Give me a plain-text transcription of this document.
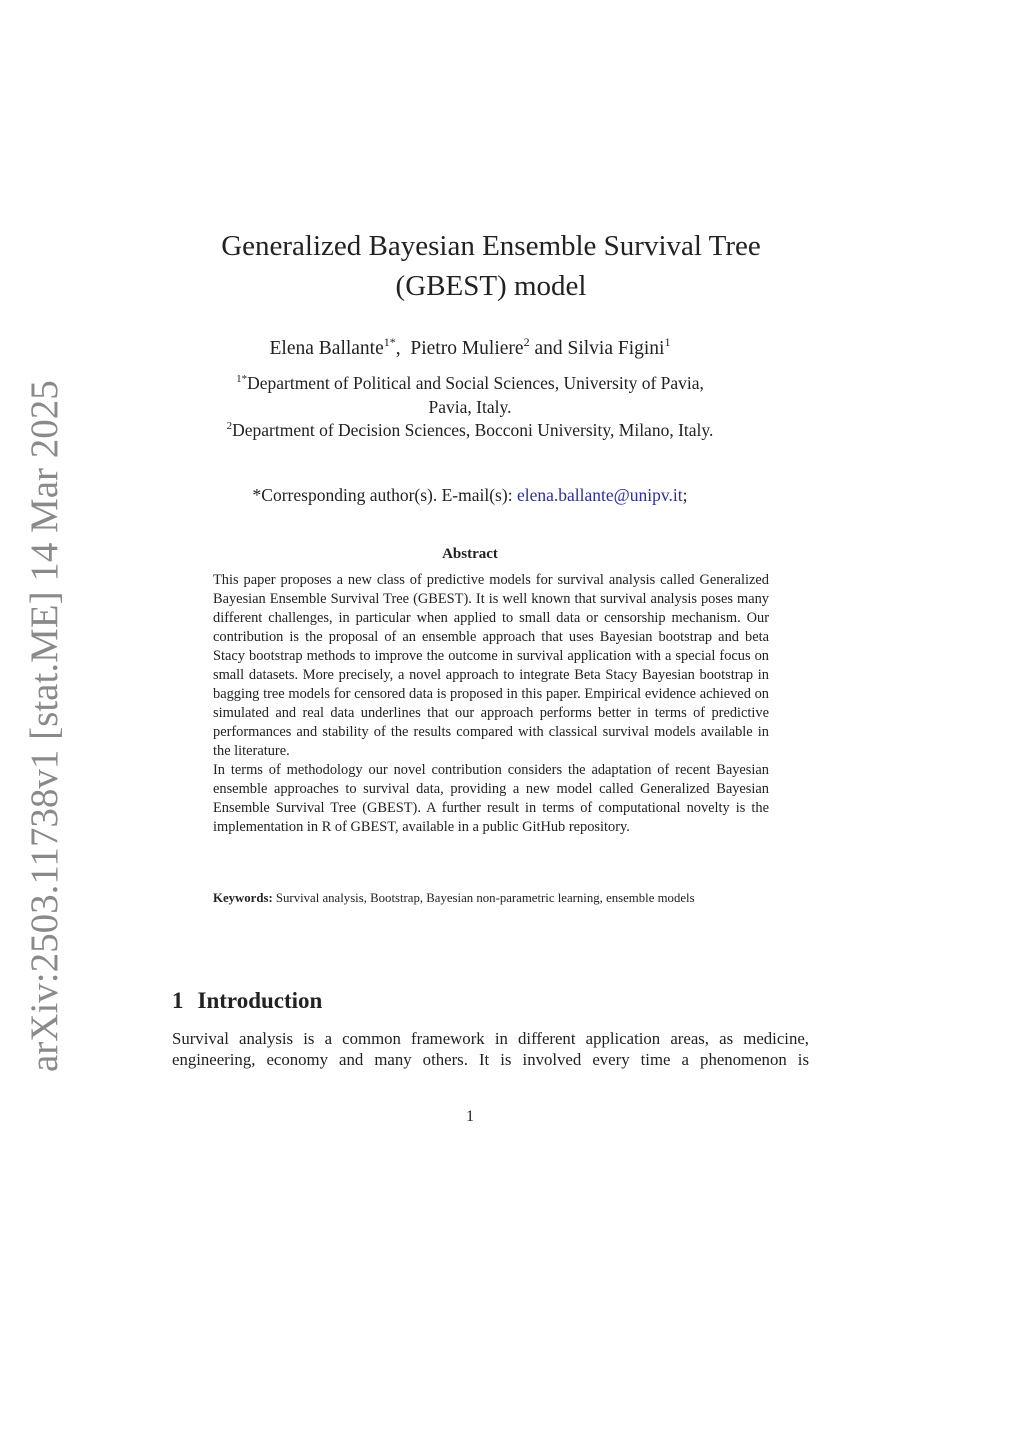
arXiv:2503.11738v1 [stat.ME] 14 Mar 2025
Generalized Bayesian Ensemble Survival Tree
(GBEST) model
Elena Ballante$^{1*}$,  Pietro Muliere$^2$ and Silvia Figini$^1$
$^{1*}$Department of Political and Social Sciences, University of Pavia,
Pavia, Italy.
$^2$Department of Decision Sciences, Bocconi University, Milano, Italy.
*Corresponding author(s). E-mail(s): elena.ballante@unipv.it;
Abstract

This paper proposes a new class of predictive models for survival analysis called Generalized Bayesian Ensemble Survival Tree (GBEST). It is well known that survival analysis poses many different challenges, in particular when applied to small data or censorship mechanism. Our contribution is the proposal of an ensemble approach that uses Bayesian bootstrap and beta Stacy bootstrap methods to improve the outcome in survival application with a special focus on small datasets. More precisely, a novel approach to integrate Beta Stacy Bayesian bootstrap in bagging tree models for censored data is proposed in this paper. Empirical evidence achieved on simulated and real data underlines that our approach performs better in terms of predictive performances and stability of the results compared with classical survival models available in the literature.

In terms of methodology our novel contribution considers the adaptation of recent Bayesian ensemble approaches to survival data, providing a new model called Generalized Bayesian Ensemble Survival Tree (GBEST). A further result in terms of computational novelty is the implementation in R of GBEST, available in a public GitHub repository.

Keywords: Survival analysis, Bootstrap, Bayesian non-parametric learning, ensemble models
1 Introduction
Survival analysis is a common framework in different application areas, as medicine, engineering, economy and many others. It is involved every time a phenomenon is
1
